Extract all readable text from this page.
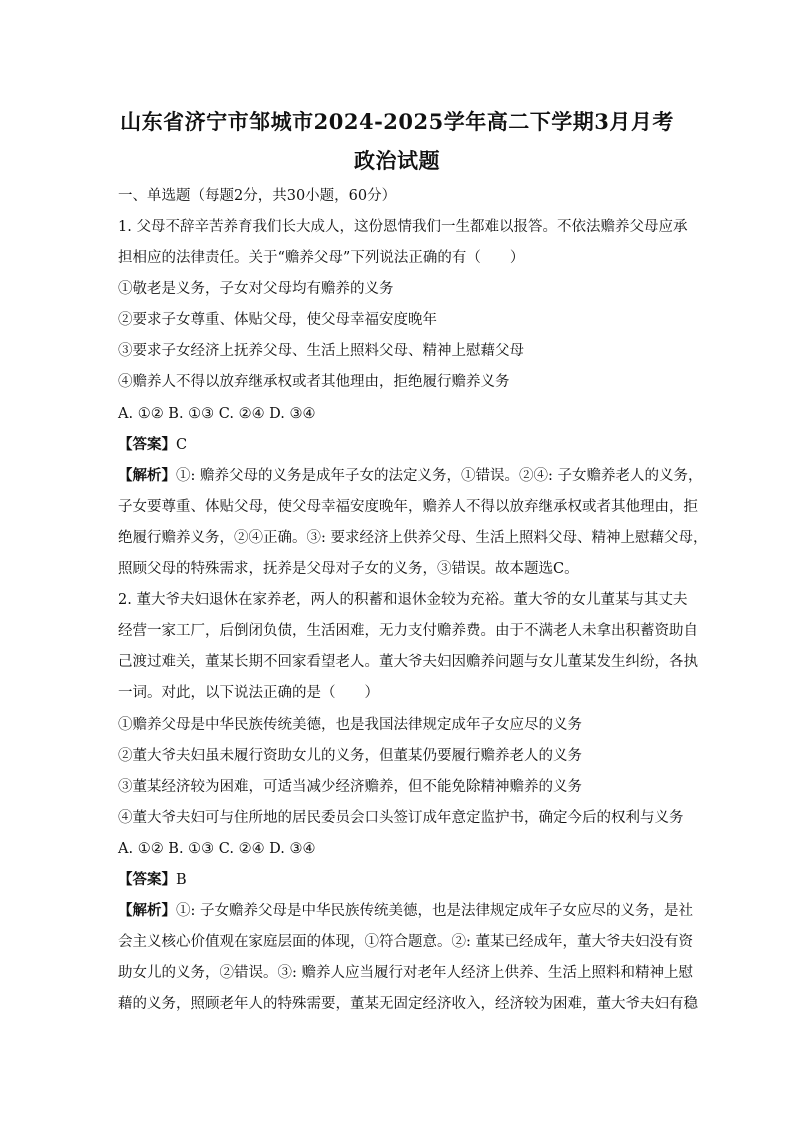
山东省济宁市邹城市2024-2025学年高二下学期3月月考
政治试题
一、单选题（每题2分，共30小题，60分）
1. 父母不辞辛苦养育我们长大成人，这份恩情我们一生都难以报答。不依法赡养父母应承
担相应的法律责任。关于“赡养父母”下列说法正确的有（　　）
①敬老是义务，子女对父母均有赡养的义务
②要求子女尊重、体贴父母，使父母幸福安度晚年
③要求子女经济上抚养父母、生活上照料父母、精神上慰藉父母
④赡养人不得以放弃继承权或者其他理由，拒绝履行赡养义务
A. ①② B. ①③ C. ②④ D. ③④
【答案】C
【解析】①: 赡养父母的义务是成年子女的法定义务，①错误。②④: 子女赡养老人的义务，
子女要尊重、体贴父母，使父母幸福安度晚年，赡养人不得以放弃继承权或者其他理由，拒
绝履行赡养义务，②④正确。③: 要求经济上供养父母、生活上照料父母、精神上慰藉父母，
照顾父母的特殊需求，抚养是父母对子女的义务，③错误。故本题选C。
2. 董大爷夫妇退休在家养老，两人的积蓄和退休金较为充裕。董大爷的女儿董某与其丈夫
经营一家工厂，后倒闭负债，生活困难，无力支付赡养费。由于不满老人未拿出积蓄资助自
己渡过难关，董某长期不回家看望老人。董大爷夫妇因赡养问题与女儿董某发生纠纷，各执
一词。对此，以下说法正确的是（　　）
①赡养父母是中华民族传统美德，也是我国法律规定成年子女应尽的义务
②董大爷夫妇虽未履行资助女儿的义务，但董某仍要履行赡养老人的义务
③董某经济较为困难，可适当减少经济赡养，但不能免除精神赡养的义务
④董大爷夫妇可与住所地的居民委员会口头签订成年意定监护书，确定今后的权利与义务
A. ①② B. ①③ C. ②④ D. ③④
【答案】B
【解析】①: 子女赡养父母是中华民族传统美德，也是法律规定成年子女应尽的义务，是社
会主义核心价值观在家庭层面的体现，①符合题意。②: 董某已经成年，董大爷夫妇没有资
助女儿的义务，②错误。③: 赡养人应当履行对老年人经济上供养、生活上照料和精神上慰
藉的义务，照顾老年人的特殊需要，董某无固定经济收入，经济较为困难，董大爷夫妇有稳
